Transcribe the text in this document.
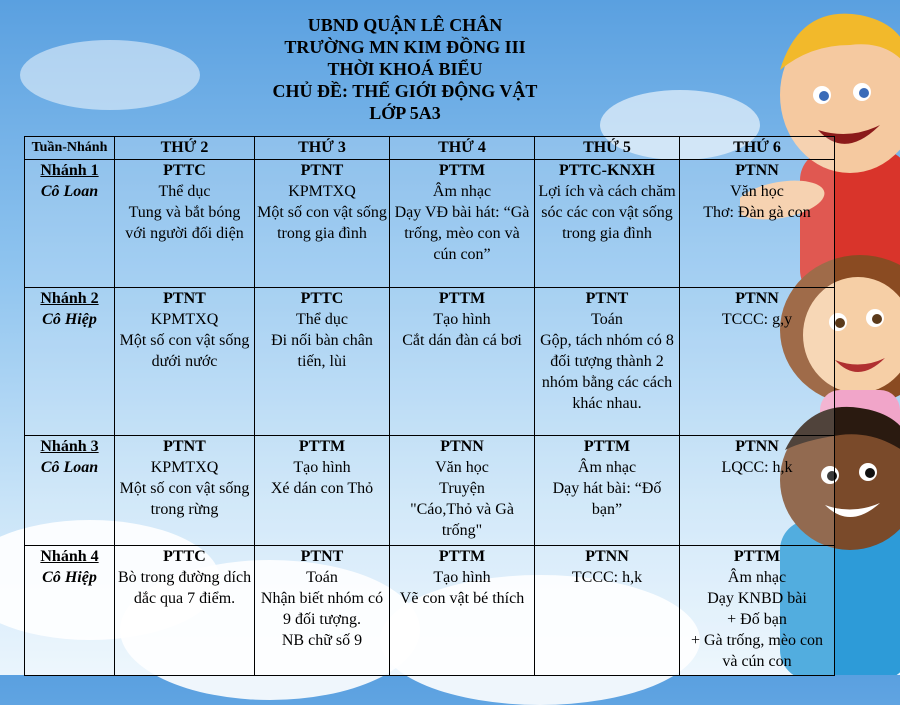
UBND QUẬN LÊ CHÂN
TRƯỜNG MN KIM ĐỒNG III
THỜI KHOÁ BIỂU
CHỦ ĐỀ: THẾ GIỚI ĐỘNG VẬT
LỚP 5A3
Tuần-Nhánh	THỨ 2	THỨ 3	THỨ 4	THỨ 5	THỨ 6

Nhánh 1
Cô Loan	PTTC
Thể dục
Tung và bắt bóng với người đối diện	PTNT
KPMTXQ
Một số con vật sống trong gia đình	PTTM
Âm nhạc
Dạy VĐ bài hát: “Gà trống, mèo con và cún con”	PTTC-KNXH
Lợi ích và cách chăm sóc các con vật sống trong gia đình	PTNN
Văn học
Thơ: Đàn gà con

Nhánh 2
Cô Hiệp	PTNT
KPMTXQ
Một số con vật sống dưới nước	PTTC
Thể dục
Đi nối bàn chân tiến, lùi	PTTM
Tạo hình
Cắt dán đàn cá bơi	PTNT
Toán
Gộp, tách nhóm có 8 đối tượng thành 2 nhóm bằng các cách khác nhau.	PTNN
TCCC: g,y

Nhánh 3
Cô Loan	PTNT
KPMTXQ
Một số con vật sống trong rừng	PTTM
Tạo hình
Xé dán con Thỏ	PTNN
Văn học
Truyện
"Cáo,Thỏ và Gà trống"	PTTM
Âm nhạc
Dạy hát bài: “Đố bạn”	PTNN
LQCC: h,k

Nhánh 4
Cô Hiệp	PTTC
Bò trong đường dích dắc qua 7 điểm.	PTNT
Toán
Nhận biết nhóm có 9 đối tượng.
NB chữ số 9	PTTM
Tạo hình
Vẽ con vật bé thích	PTNN
TCCC: h,k	PTTM
Âm nhạc
Dạy KNBD bài
+ Đố bạn
+ Gà trống, mèo con và cún con
